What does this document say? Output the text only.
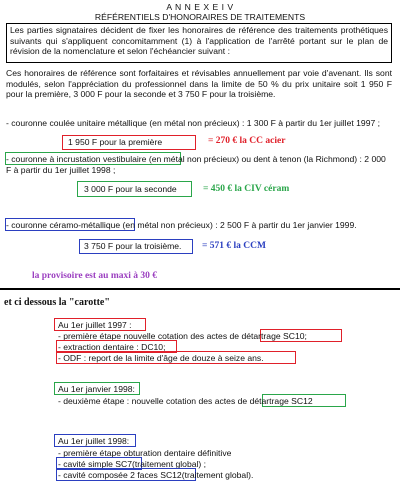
A N N E X E I V
RÉFÉRENTIELS D'HONORAIRES DE TRAITEMENTS
Les parties signataires décident de fixer les honoraires de référence des traitements prothétiques suivants qui s'appliquent concomitamment (1) à l'application de l'arrêté portant sur le plan de révision de la nomenclature et selon l'échéancier suivant :
Ces honoraires de référence sont forfaitaires et révisables annuellement par voie d'avenant. Ils sont modulés, selon l'appréciation du professionnel dans la limite de 50 % du prix unitaire soit 1 950 F pour la première, 3 000 F pour la seconde et 3 750 F pour la troisième.
- couronne coulée unitaire métallique (en métal non précieux) : 1 300 F à partir du 1er juillet 1997 ;
1 950 F pour la première	= 270 € la CC acier
- couronne à incrustation vestibulaire (en métal non précieux) ou dent à tenon (la Richmond) : 2 000 F à partir du 1er juillet 1998 ;
3 000 F pour la seconde	= 450 € la CIV céram
- couronne céramo-métallique (en métal non précieux) : 2 500 F à partir du 1er janvier 1999.
3 750 F pour la troisième. = 571 € la CCM
la provisoire est au maxi à 30 €
et ci dessous la "carotte"
Au 1er juillet 1997 :
- première étape nouvelle cotation des actes de détartrage SC10;
- extraction dentaire : DC10;
- ODF : report de la limite d'âge de douze à seize ans.
Au 1er janvier 1998:
- deuxième étape : nouvelle cotation des actes de détartrage SC12
Au 1er juillet 1998:
- première étape obturation dentaire définitive
- cavité simple SC7(traitement global) ;
- cavité composée 2 faces SC12(traitement global).
